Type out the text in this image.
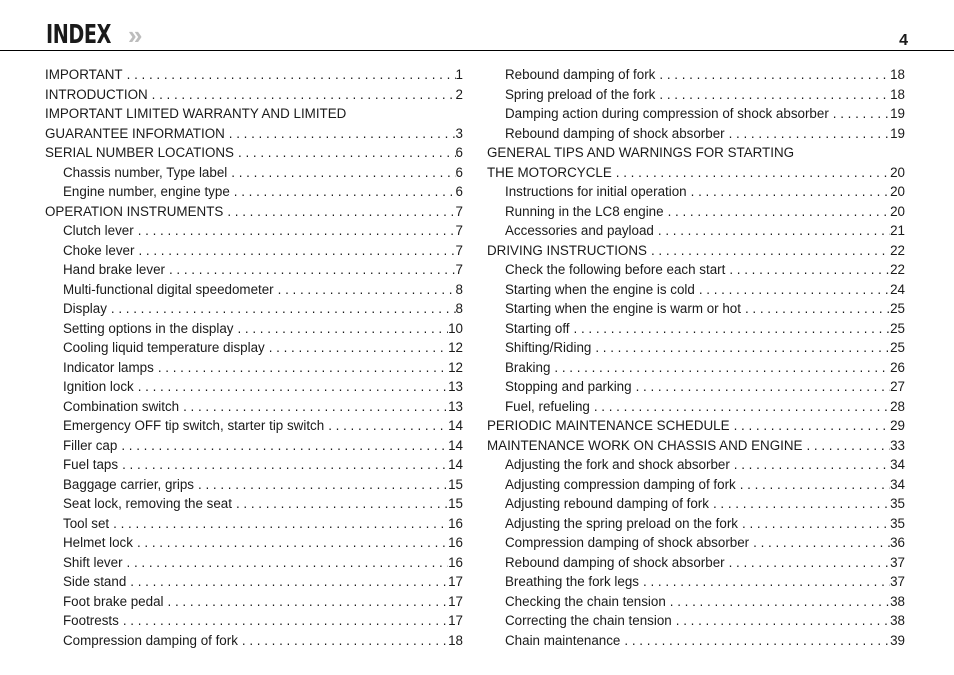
INDEX »	4
IMPORTANT . . .	1
INTRODUCTION . . .	2
IMPORTANT LIMITED WARRANTY AND LIMITED
GUARANTEE INFORMATION . . .	3
SERIAL NUMBER LOCATIONS . . .	6
Chassis number, Type label . . .	6
Engine number, engine type . . .	6
OPERATION INSTRUMENTS . . .	7
Clutch lever . . .	7
Choke lever . . .	7
Hand brake lever . . .	7
Multi-functional digital speedometer . . .	8
Display . . .	8
Setting options in the display . . .	10
Cooling liquid temperature display . . .	12
Indicator lamps . . .	12
Ignition lock . . .	13
Combination switch . . .	13
Emergency OFF tip switch, starter tip switch . . .	14
Filler cap . . .	14
Fuel taps . . .	14
Baggage carrier, grips . . .	15
Seat lock, removing the seat . . .	15
Tool set . . .	16
Helmet lock . . .	16
Shift lever . . .	16
Side stand . . .	17
Foot brake pedal . . .	17
Footrests . . .	17
Compression damping of fork . . .	18
Rebound damping of fork . . .	18
Spring preload of the fork . . .	18
Damping action during compression of shock absorber . . .	19
Rebound damping of shock absorber . . .	19
GENERAL TIPS AND WARNINGS FOR STARTING
THE MOTORCYCLE . . .	20
Instructions for initial operation . . .	20
Running in the LC8 engine . . .	20
Accessories and payload . . .	21
DRIVING INSTRUCTIONS . . .	22
Check the following before each start . . .	22
Starting when the engine is cold . . .	24
Starting when the engine is warm or hot . . .	25
Starting off . . .	25
Shifting/Riding . . .	25
Braking . . .	26
Stopping and parking . . .	27
Fuel, refueling . . .	28
PERIODIC MAINTENANCE SCHEDULE . . .	29
MAINTENANCE WORK ON CHASSIS AND ENGINE . . .	33
Adjusting the fork and shock absorber . . .	34
Adjusting compression damping of fork . . .	34
Adjusting rebound damping of fork . . .	35
Adjusting the spring preload on the fork . . .	35
Compression damping of shock absorber . . .	36
Rebound damping of shock absorber . . .	37
Breathing the fork legs . . .	37
Checking the chain tension . . .	38
Correcting the chain tension . . .	38
Chain maintenance . . .	39
